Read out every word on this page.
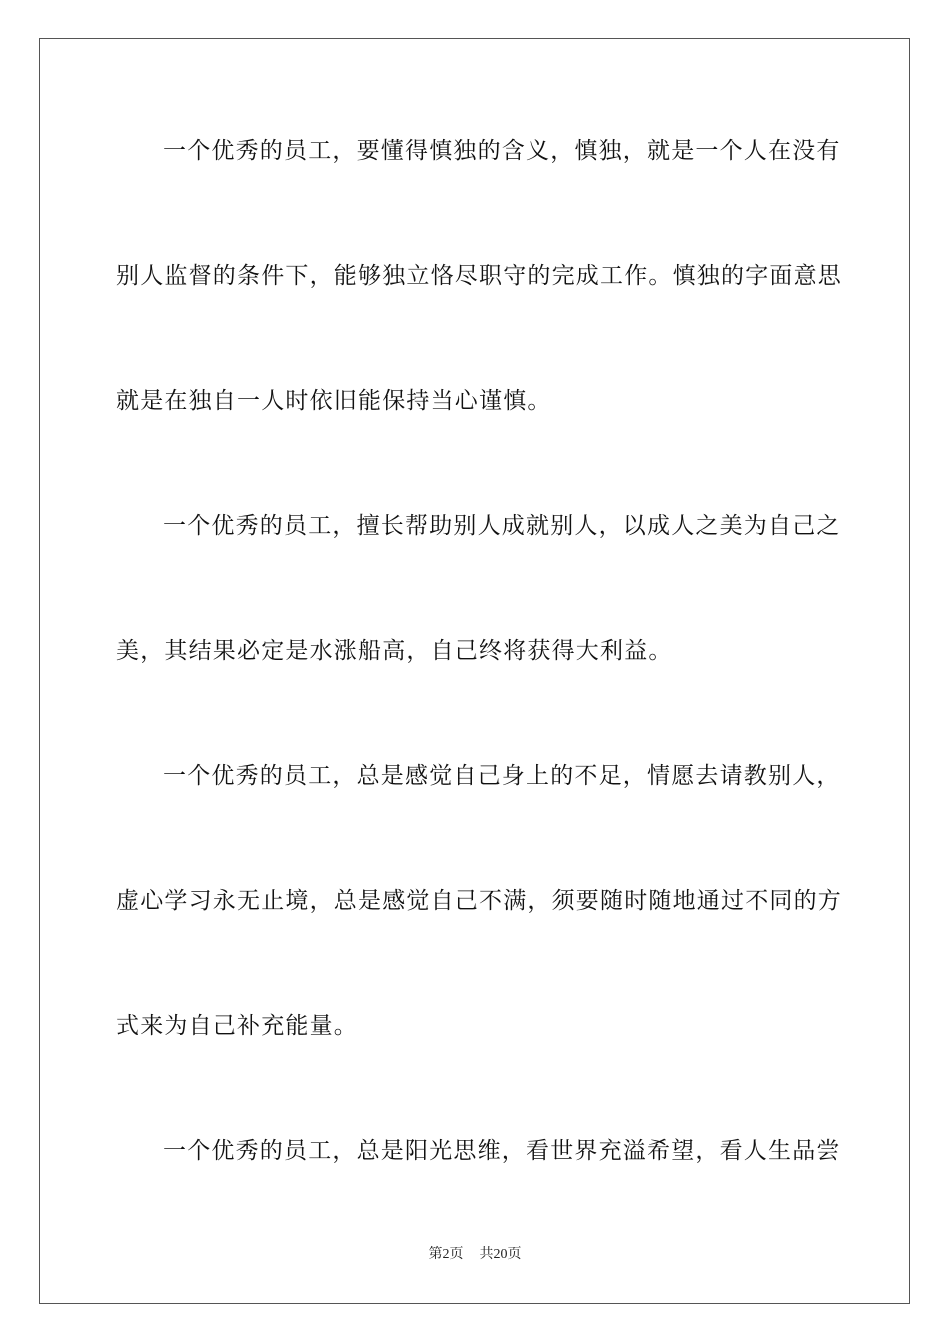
一个优秀的员工，要懂得慎独的含义，慎独，就是一个人在没有
别人监督的条件下，能够独立恪尽职守的完成工作。慎独的字面意思
就是在独自一人时依旧能保持当心谨慎。
一个优秀的员工，擅长帮助别人成就别人，以成人之美为自己之
美，其结果必定是水涨船高，自己终将获得大利益。
一个优秀的员工，总是感觉自己身上的不足，情愿去请教别人，
虚心学习永无止境，总是感觉自己不满，须要随时随地通过不同的方
式来为自己补充能量。
一个优秀的员工，总是阳光思维，看世界充溢希望，看人生品尝
第2页 共20页
